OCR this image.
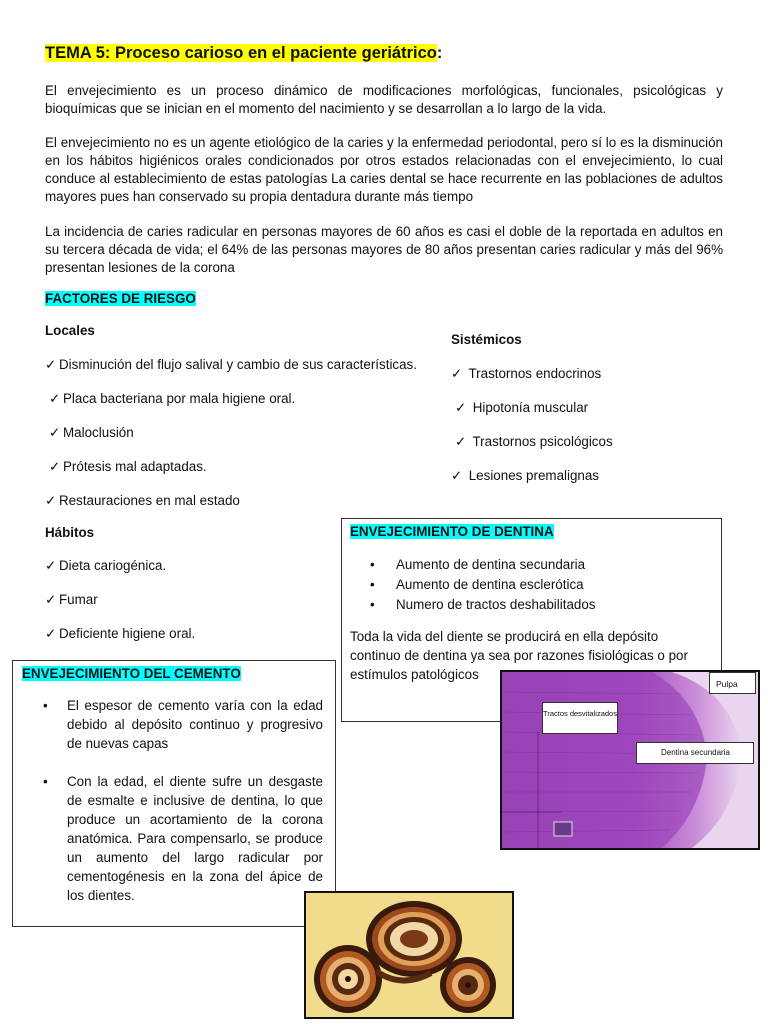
TEMA 5: Proceso carioso en el paciente geriátrico:
El envejecimiento es un proceso dinámico de modificaciones morfológicas, funcionales, psicológicas y bioquímicas que se inician en el momento del nacimiento y se desarrollan a lo largo de la vida.
El envejecimiento no es un agente etiológico de la caries y la enfermedad periodontal, pero sí lo es la disminución en los hábitos higiénicos orales condicionados por otros estados relacionadas con el envejecimiento, lo cual conduce al establecimiento de estas patologías La caries dental se hace recurrente en las poblaciones de adultos mayores pues han conservado su propia dentadura durante más tiempo
La incidencia de caries radicular en personas mayores de 60 años es casi el doble de la reportada en adultos en su tercera década de vida; el 64% de las personas mayores de 80 años presentan caries radicular y más del 96% presentan lesiones de la corona
FACTORES DE RIESGO
Locales
✓ Disminución del flujo salival y cambio de sus características.
✓ Placa bacteriana por mala higiene oral.
✓ Maloclusión
✓ Prótesis mal adaptadas.
✓ Restauraciones en mal estado
Sistémicos
✓ Trastornos endocrinos
✓ Hipotonía muscular
✓ Trastornos psicológicos
✓ Lesiones premalignas
Hábitos
✓ Dieta cariogénica.
✓ Fumar
✓ Deficiente higiene oral.
ENVEJECIMIENTO DE DENTINA
• Aumento de dentina secundaria
• Aumento de dentina esclerótica
• Numero de tractos deshabilitados
Toda la vida del diente se producirá en ella depósito continuo de dentina ya sea por razones fisiológicas o por estímulos patológicos
ENVEJECIMIENTO DEL CEMENTO
• El espesor de cemento varía con la edad debido al depósito continuo y progresivo de nuevas capas
• Con la edad, el diente sufre un desgaste de esmalte e inclusive de dentina, lo que produce un acortamiento de la corona anatómica. Para compensarlo, se produce un aumento del largo radicular por cementogénesis en la zona del ápice de los dientes.
Pulpa
Tractos desvitalizados
Dentina secundaria
